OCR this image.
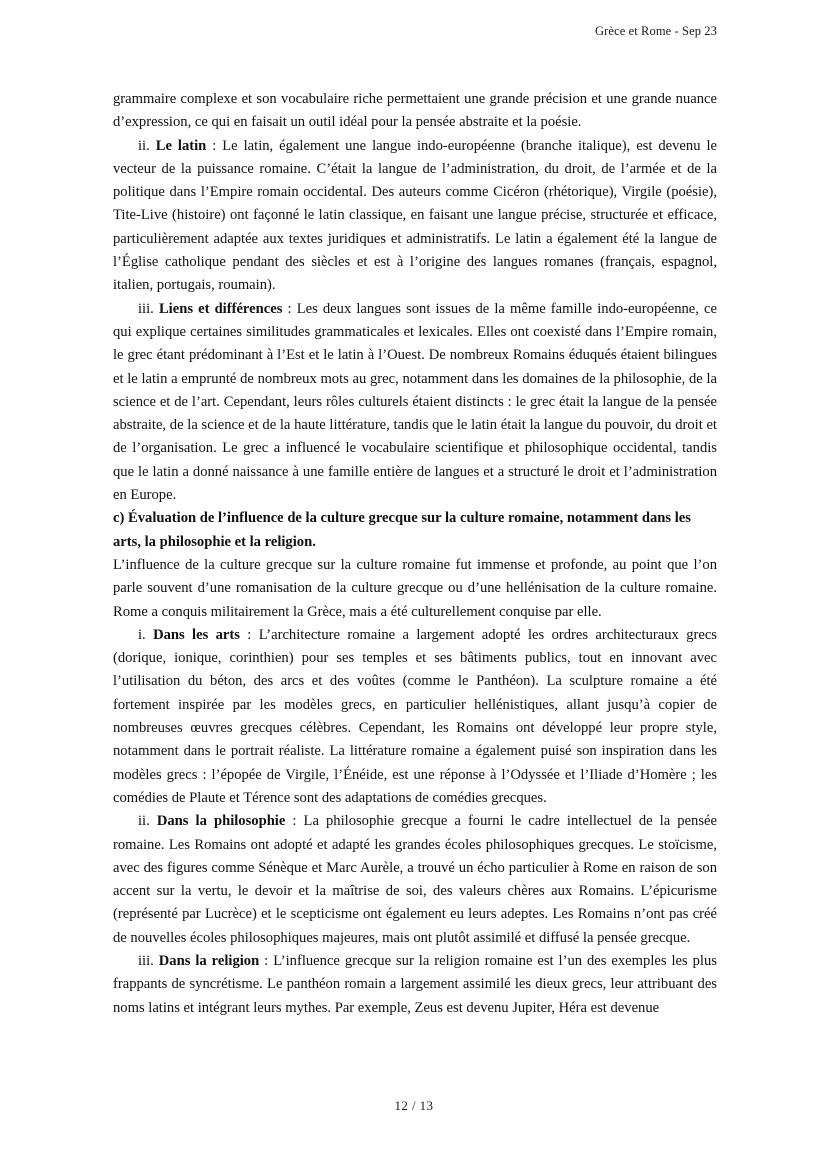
Grèce et Rome - Sep 23

grammaire complexe et son vocabulaire riche permettaient une grande précision et une grande nuance d’expression, ce qui en faisait un outil idéal pour la pensée abstraite et la poésie.

ii. Le latin : Le latin, également une langue indo-européenne (branche italique), est devenu le vecteur de la puissance romaine. C’était la langue de l’administration, du droit, de l’armée et de la politique dans l’Empire romain occidental. Des auteurs comme Cicéron (rhétorique), Virgile (poésie), Tite-Live (histoire) ont façonné le latin classique, en faisant une langue précise, structurée et efficace, particulièrement adaptée aux textes juridiques et administratifs. Le latin a également été la langue de l’Église catholique pendant des siècles et est à l’origine des langues romanes (français, espagnol, italien, portugais, roumain).

iii. Liens et différences : Les deux langues sont issues de la même famille indo-européenne, ce qui explique certaines similitudes grammaticales et lexicales. Elles ont coexisté dans l’Empire romain, le grec étant prédominant à l’Est et le latin à l’Ouest. De nombreux Romains éduqués étaient bilingues et le latin a emprunté de nombreux mots au grec, notamment dans les domaines de la philosophie, de la science et de l’art. Cependant, leurs rôles culturels étaient distincts : le grec était la langue de la pensée abstraite, de la science et de la haute littérature, tandis que le latin était la langue du pouvoir, du droit et de l’organisation. Le grec a influencé le vocabulaire scientifique et philosophique occidental, tandis que le latin a donné naissance à une famille entière de langues et a structuré le droit et l’administration en Europe.

c) Évaluation de l’influence de la culture grecque sur la culture romaine, notamment dans les arts, la philosophie et la religion.

L’influence de la culture grecque sur la culture romaine fut immense et profonde, au point que l’on parle souvent d’une romanisation de la culture grecque ou d’une hellénisation de la culture romaine. Rome a conquis militairement la Grèce, mais a été culturellement conquise par elle.

i. Dans les arts : L’architecture romaine a largement adopté les ordres architecturaux grecs (dorique, ionique, corinthien) pour ses temples et ses bâtiments publics, tout en innovant avec l’utilisation du béton, des arcs et des voûtes (comme le Panthéon). La sculpture romaine a été fortement inspirée par les modèles grecs, en particulier hellénistiques, allant jusqu’à copier de nombreuses œuvres grecques célèbres. Cependant, les Romains ont développé leur propre style, notamment dans le portrait réaliste. La littérature romaine a également puisé son inspiration dans les modèles grecs : l’épopée de Virgile, l’Énéide, est une réponse à l’Odyssée et l’Iliade d’Homère ; les comédies de Plaute et Térence sont des adaptations de comédies grecques.

ii. Dans la philosophie : La philosophie grecque a fourni le cadre intellectuel de la pensée romaine. Les Romains ont adopté et adapté les grandes écoles philosophiques grecques. Le stoïcisme, avec des figures comme Sénèque et Marc Aurèle, a trouvé un écho particulier à Rome en raison de son accent sur la vertu, le devoir et la maîtrise de soi, des valeurs chères aux Romains. L’épicurisme (représenté par Lucrèce) et le scepticisme ont également eu leurs adeptes. Les Romains n’ont pas créé de nouvelles écoles philosophiques majeures, mais ont plutôt assimilé et diffusé la pensée grecque.

iii. Dans la religion : L’influence grecque sur la religion romaine est l’un des exemples les plus frappants de syncrétisme. Le panthéon romain a largement assimilé les dieux grecs, leur attribuant des noms latins et intégrant leurs mythes. Par exemple, Zeus est devenu Jupiter, Héra est devenue

12 / 13
